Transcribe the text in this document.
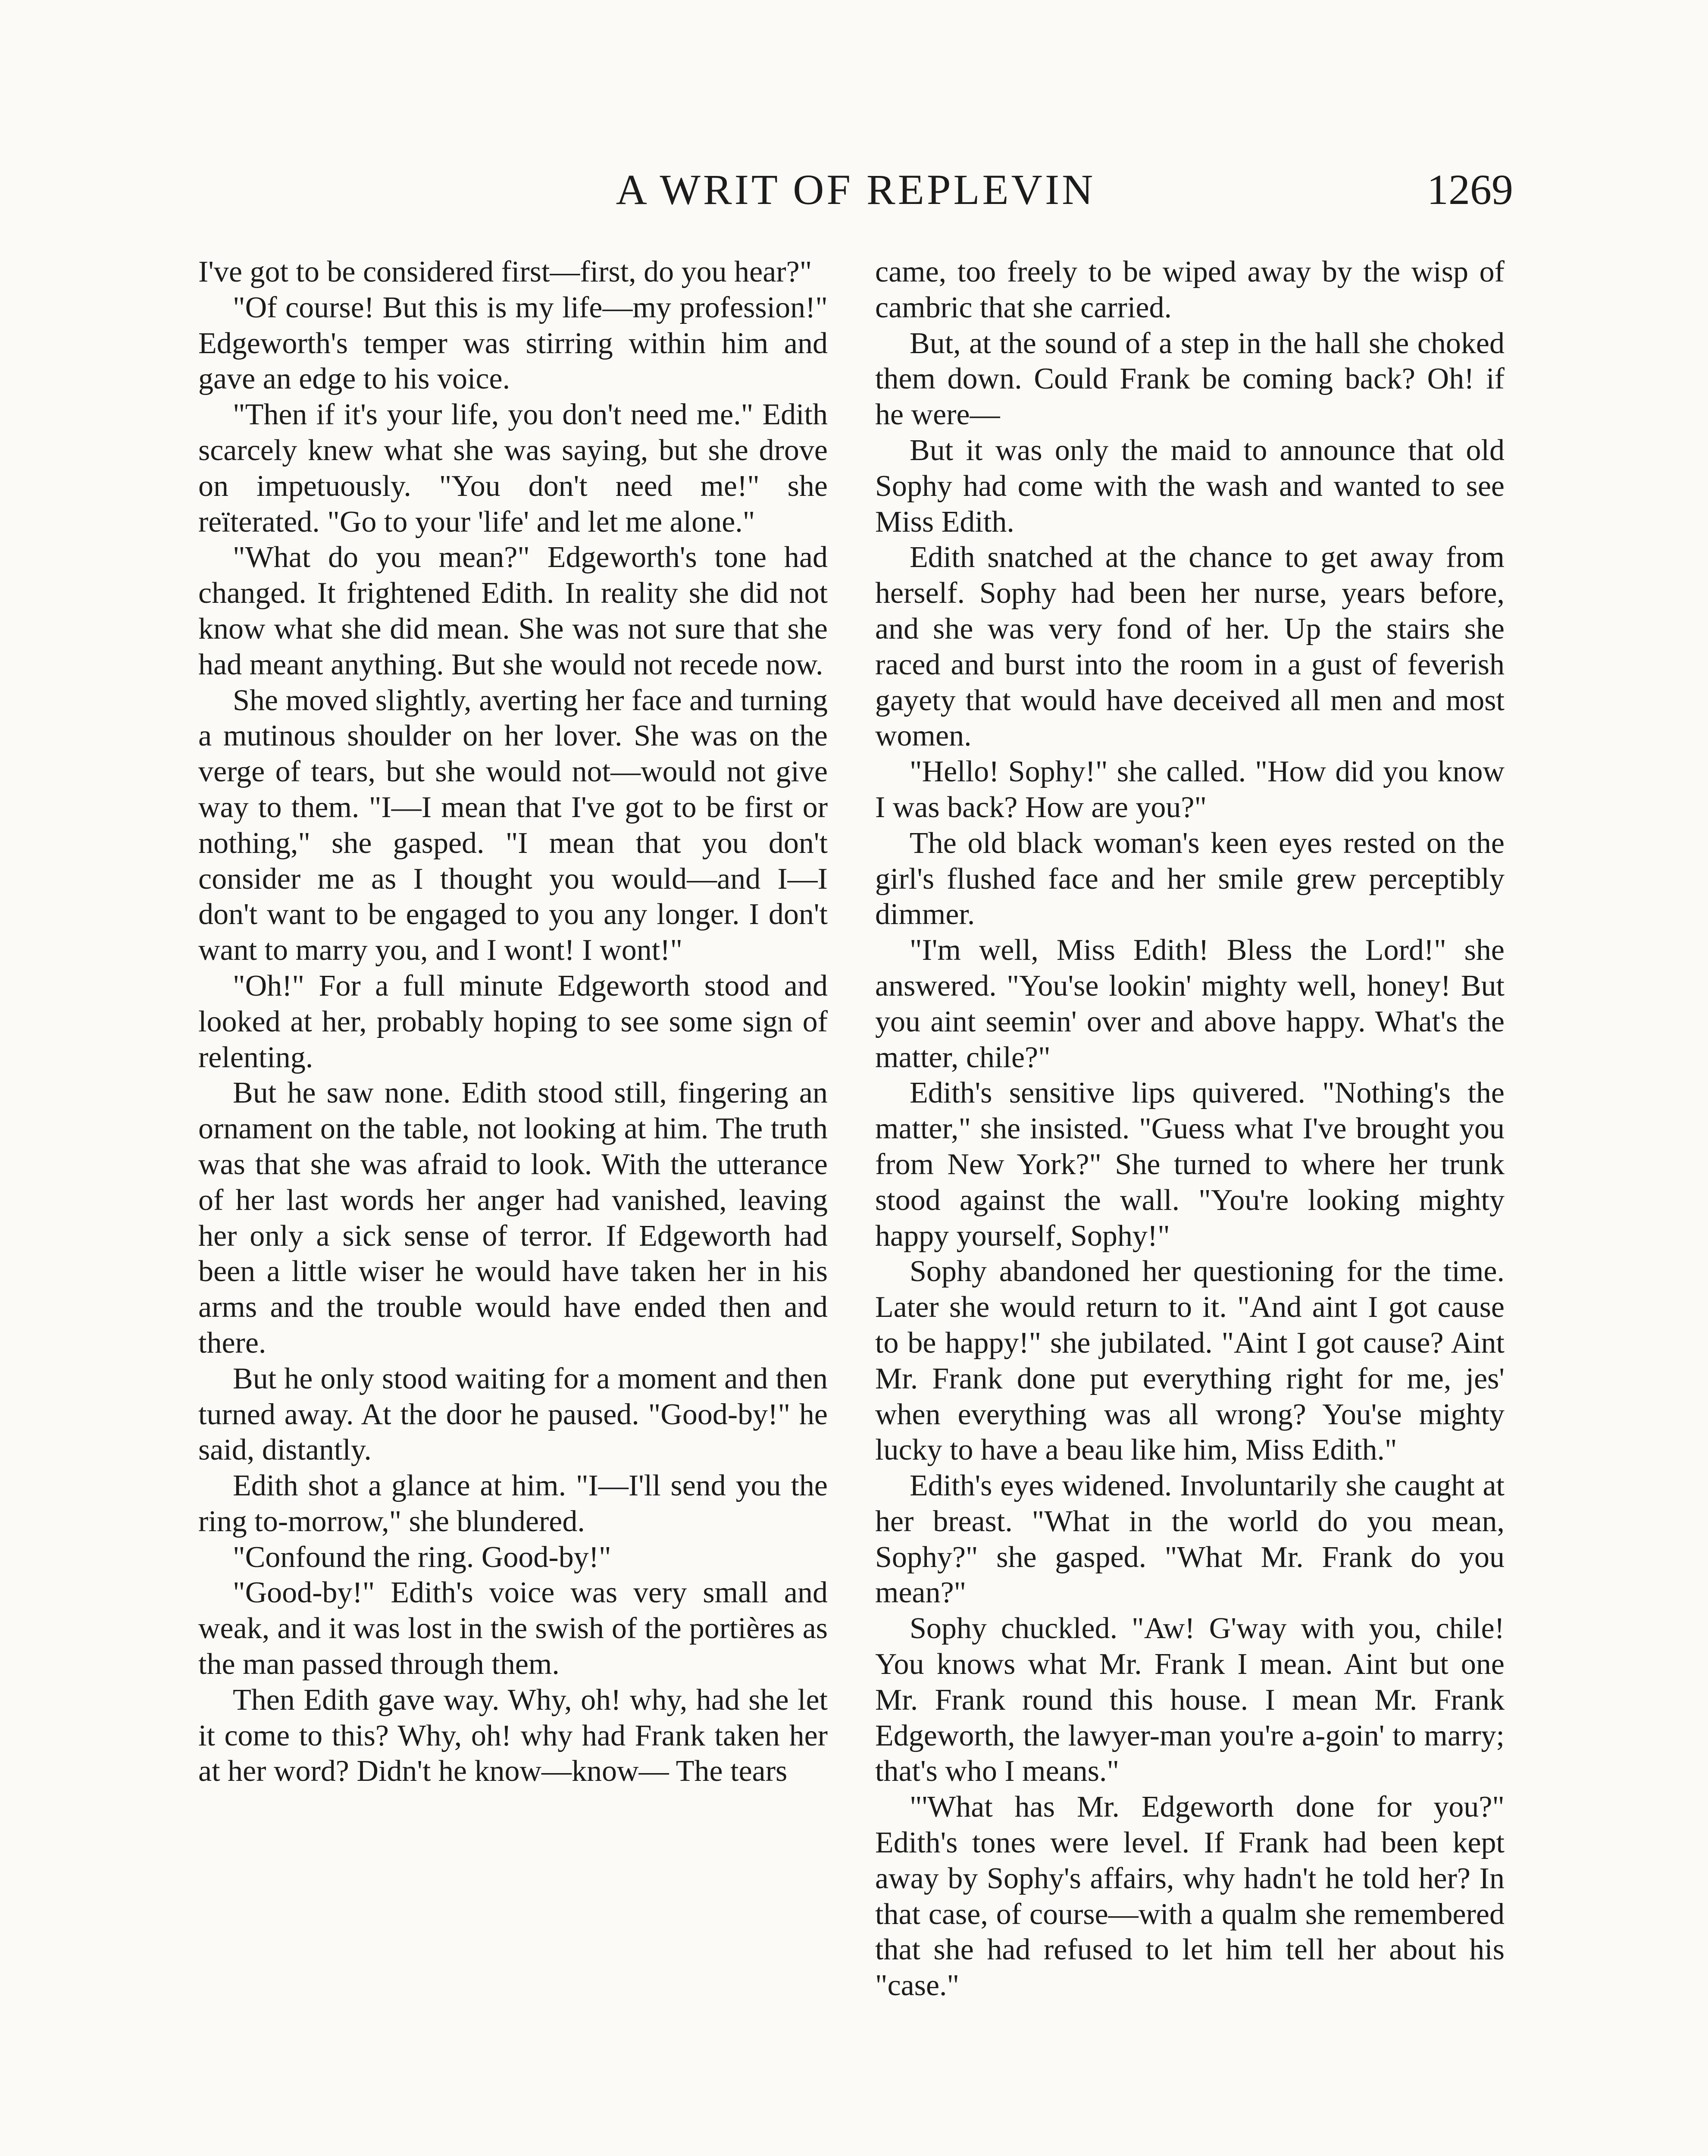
A WRIT OF REPLEVIN	1269

I've got to be considered first—first, do you hear?"

"Of course! But this is my life—my profession!" Edgeworth's temper was stirring within him and gave an edge to his voice.

"Then if it's your life, you don't need me." Edith scarcely knew what she was saying, but she drove on impetuously. "You don't need me!" she reïterated. "Go to your 'life' and let me alone."

"What do you mean?" Edgeworth's tone had changed. It frightened Edith. In reality she did not know what she did mean. She was not sure that she had meant anything. But she would not recede now.

She moved slightly, averting her face and turning a mutinous shoulder on her lover. She was on the verge of tears, but she would not—would not give way to them. "I—I mean that I've got to be first or nothing," she gasped. "I mean that you don't consider me as I thought you would—and I—I don't want to be engaged to you any longer. I don't want to marry you, and I wont! I wont!"

"Oh!" For a full minute Edgeworth stood and looked at her, probably hoping to see some sign of relenting.

But he saw none. Edith stood still, fingering an ornament on the table, not looking at him. The truth was that she was afraid to look. With the utterance of her last words her anger had vanished, leaving her only a sick sense of terror. If Edgeworth had been a little wiser he would have taken her in his arms and the trouble would have ended then and there.

But he only stood waiting for a moment and then turned away. At the door he paused. "Good-by!" he said, distantly.

Edith shot a glance at him. "I—I'll send you the ring to-morrow," she blundered.

"Confound the ring. Good-by!"

"Good-by!" Edith's voice was very small and weak, and it was lost in the swish of the portières as the man passed through them.

Then Edith gave way. Why, oh! why, had she let it come to this? Why, oh! why had Frank taken her at her word? Didn't he know—know— The tears

came, too freely to be wiped away by the wisp of cambric that she carried.

But, at the sound of a step in the hall she choked them down. Could Frank be coming back? Oh! if he were—

But it was only the maid to announce that old Sophy had come with the wash and wanted to see Miss Edith.

Edith snatched at the chance to get away from herself. Sophy had been her nurse, years before, and she was very fond of her. Up the stairs she raced and burst into the room in a gust of feverish gayety that would have deceived all men and most women.

"Hello! Sophy!" she called. "How did you know I was back? How are you?"

The old black woman's keen eyes rested on the girl's flushed face and her smile grew perceptibly dimmer.

"I'm well, Miss Edith! Bless the Lord!" she answered. "You'se lookin' mighty well, honey! But you aint seemin' over and above happy. What's the matter, chile?"

Edith's sensitive lips quivered. "Nothing's the matter," she insisted. "Guess what I've brought you from New York?" She turned to where her trunk stood against the wall. "You're looking mighty happy yourself, Sophy!"

Sophy abandoned her questioning for the time. Later she would return to it. "And aint I got cause to be happy!" she jubilated. "Aint I got cause? Aint Mr. Frank done put everything right for me, jes' when everything was all wrong? You'se mighty lucky to have a beau like him, Miss Edith."

Edith's eyes widened. Involuntarily she caught at her breast. "What in the world do you mean, Sophy?" she gasped. "What Mr. Frank do you mean?"

Sophy chuckled. "Aw! G'way with you, chile! You knows what Mr. Frank I mean. Aint but one Mr. Frank round this house. I mean Mr. Frank Edgeworth, the lawyer-man you're a-goin' to marry; that's who I means."

"'What has Mr. Edgeworth done for you?" Edith's tones were level. If Frank had been kept away by Sophy's affairs, why hadn't he told her? In that case, of course—with a qualm she remembered that she had refused to let him tell her about his "case."
